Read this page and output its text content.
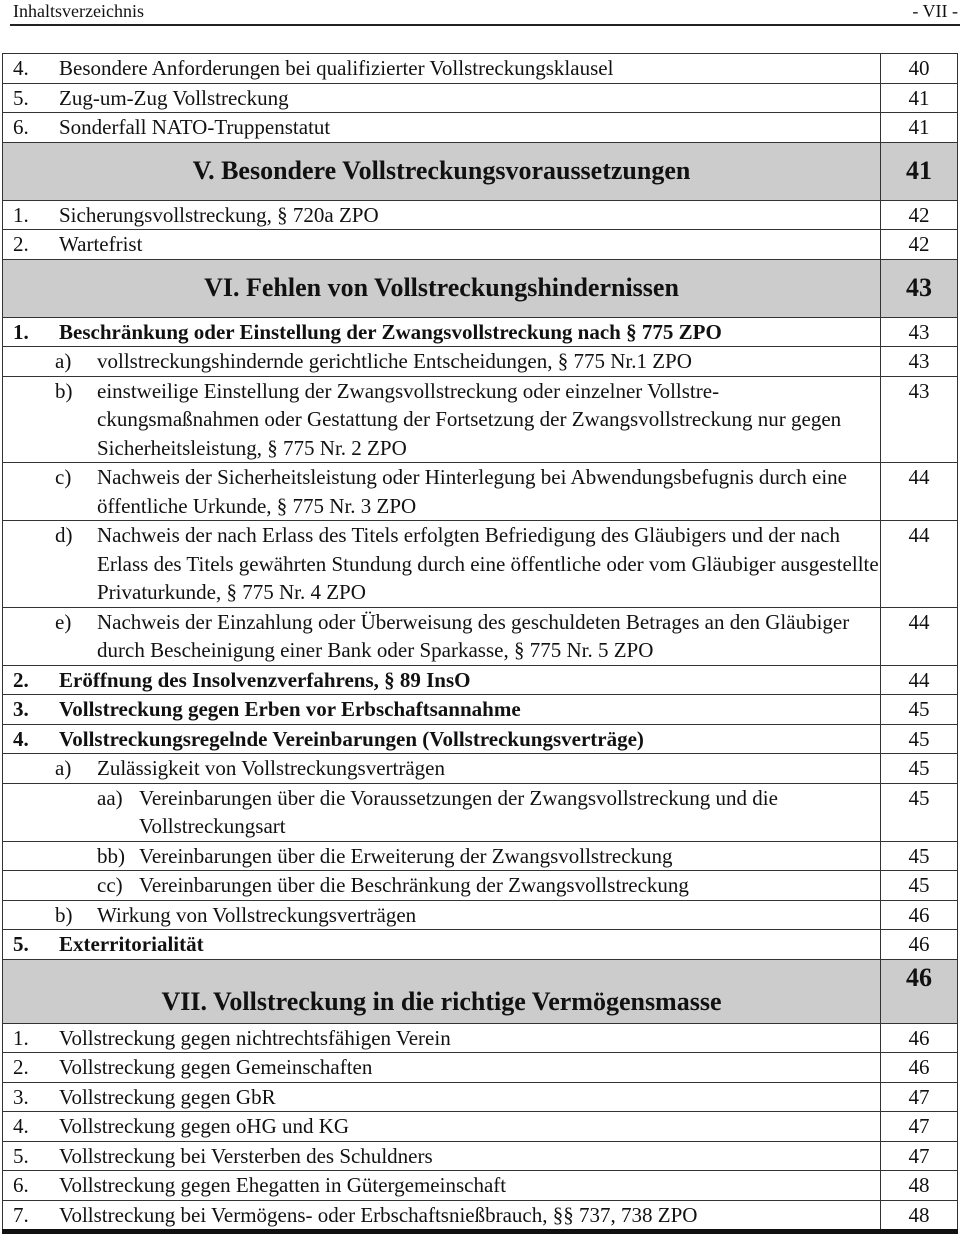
Inhaltsverzeichnis	- VII -
4. Besondere Anforderungen bei qualifizierter Vollstreckungsklausel	40

5. Zug-um-Zug Vollstreckung	41

6. Sonderfall NATO-Truppenstatut	41
V. Besondere Vollstreckungsvoraussetzungen	41

1. Sicherungsvollstreckung, § 720a ZPO	42

2. Wartefrist	42
VI. Fehlen von Vollstreckungshindernissen	43

1. Beschränkung oder Einstellung der Zwangsvollstreckung nach § 775 ZPO	43

a) vollstreckungshindernde gerichtliche Entscheidungen, § 775 Nr.1 ZPO	43

b) einstweilige Einstellung der Zwangsvollstreckung oder einzelner Vollstre-ckungsmaßnahmen oder Gestattung der Fortsetzung der Zwangsvollstreckung nur gegen Sicherheitsleistung, § 775 Nr. 2 ZPO	43

c) Nachweis der Sicherheitsleistung oder Hinterlegung bei Abwendungsbefugnis durch eine öffentliche Urkunde, § 775 Nr. 3 ZPO	44

d) Nachweis der nach Erlass des Titels erfolgten Befriedigung des Gläubigers und der nach Erlass des Titels gewährten Stundung durch eine öffentliche oder vom Gläubiger ausgestellte Privaturkunde, § 775 Nr. 4 ZPO	44

e) Nachweis der Einzahlung oder Überweisung des geschuldeten Betrages an den Gläubiger durch Bescheinigung einer Bank oder Sparkasse, § 775 Nr. 5 ZPO	44

2. Eröffnung des Insolvenzverfahrens, § 89 InsO	44

3. Vollstreckung gegen Erben vor Erbschaftsannahme	45

4. Vollstreckungsregelnde Vereinbarungen (Vollstreckungsverträge)	45

a) Zulässigkeit von Vollstreckungsverträgen	45

aa) Vereinbarungen über die Voraussetzungen der Zwangsvollstreckung und die Vollstreckungsart	45

bb) Vereinbarungen über die Erweiterung der Zwangsvollstreckung	45

cc) Vereinbarungen über die Beschränkung der Zwangsvollstreckung	45

b) Wirkung von Vollstreckungsverträgen	46

5. Exterritorialität	46
VII. Vollstreckung in die richtige Vermögensmasse	46

1. Vollstreckung gegen nichtrechtsfähigen Verein	46

2. Vollstreckung gegen Gemeinschaften	46

3. Vollstreckung gegen GbR	47

4. Vollstreckung gegen oHG und KG	47

5. Vollstreckung bei Versterben des Schuldners	47

6. Vollstreckung gegen Ehegatten in Gütergemeinschaft	48

7. Vollstreckung bei Vermögens- oder Erbschaftsnießbrauch, §§ 737, 738 ZPO	48
